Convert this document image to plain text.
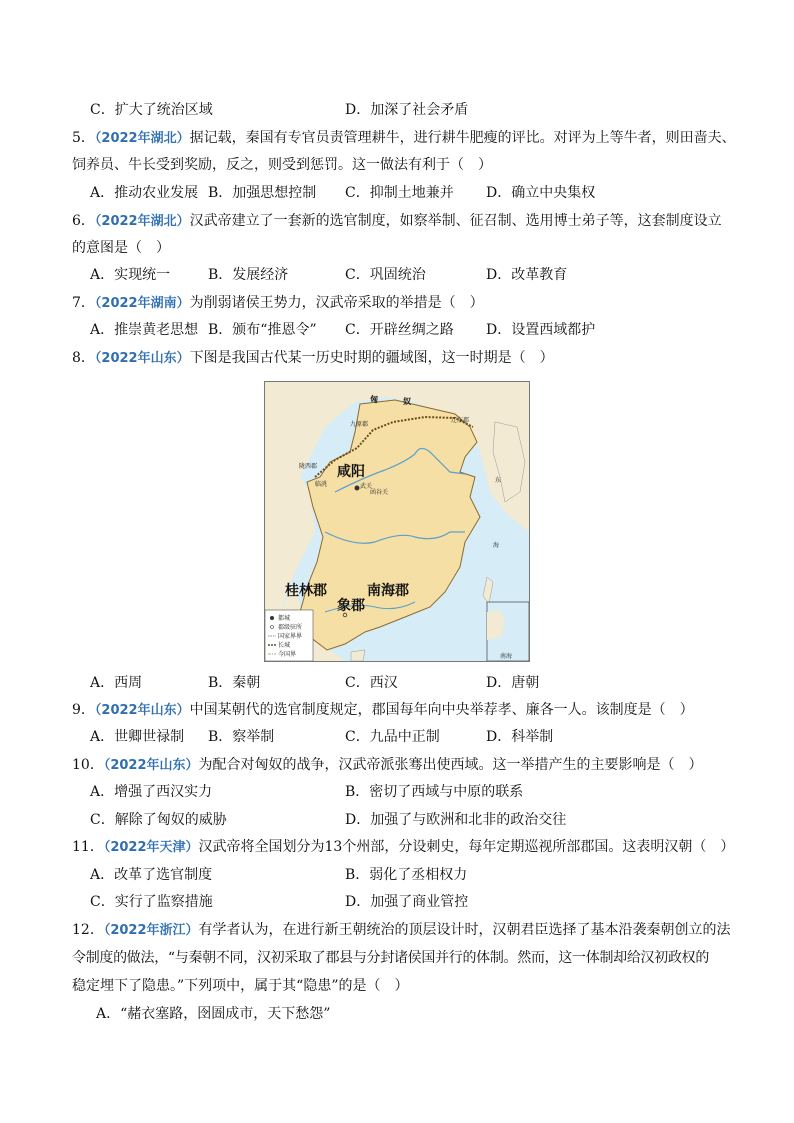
C．扩大了统治区域	D．加深了社会矛盾
5．（2022年湖北）据记载，秦国有专官员责管理耕牛，进行耕牛肥瘦的评比。对评为上等牛者，则田啬夫、
饲养员、牛长受到奖励，反之，则受到惩罚。这一做法有利于（　）
A．推动农业发展 B．加强思想控制 C．抑制土地兼并 D．确立中央集权
6．（2022年湖北）汉武帝建立了一套新的选官制度，如察举制、征召制、选用博士弟子等，这套制度设立
的意图是（　）
A．实现统一	B．发展经济	C．巩固统治	D．改革教育
7．（2022年湖南）为削弱诸侯王势力，汉武帝采取的举措是（　）
A．推崇黄老思想 B．颁布“推恩令” C．开辟丝绸之路 D．设置西域都护
8．（2022年山东）下图是我国古代某一历史时期的疆域图，这一时期是（　）
都城
郡级驻所
国家界界
长城
今国界
匈	奴
辽东郡
九原郡
陇西郡
临洮	武关
函谷关
咸阳
东
海
桂林郡	南海郡
象郡
南海
A．西周	B．秦朝	C．西汉	D．唐朝
9．（2022年山东）中国某朝代的选官制度规定，郡国每年向中央举荐孝、廉各一人。该制度是（　）
A．世卿世禄制 B．察举制	C．九品中正制	D．科举制
10．（2022年山东）为配合对匈奴的战争，汉武帝派张骞出使西域。这一举措产生的主要影响是（　）
A．增强了西汉实力	B．密切了西域与中原的联系
C．解除了匈奴的威胁	D．加强了与欧洲和北非的政治交往
11．（2022年天津）汉武帝将全国划分为13个州部，分设刺史，每年定期巡视所部郡国。这表明汉朝（　）
A．改革了选官制度	B．弱化了丞相权力
C．实行了监察措施	D．加强了商业管控
12．（2022年浙江）有学者认为，在进行新王朝统治的顶层设计时，汉朝君臣选择了基本沿袭秦朝创立的法
令制度的做法，“与秦朝不同，汉初采取了郡县与分封诸侯国并行的体制。然而，这一体制却给汉初政权的
稳定埋下了隐患。”下列项中，属于其“隐患”的是（　）
A．“赭衣塞路，囹圄成市，天下愁怨”
